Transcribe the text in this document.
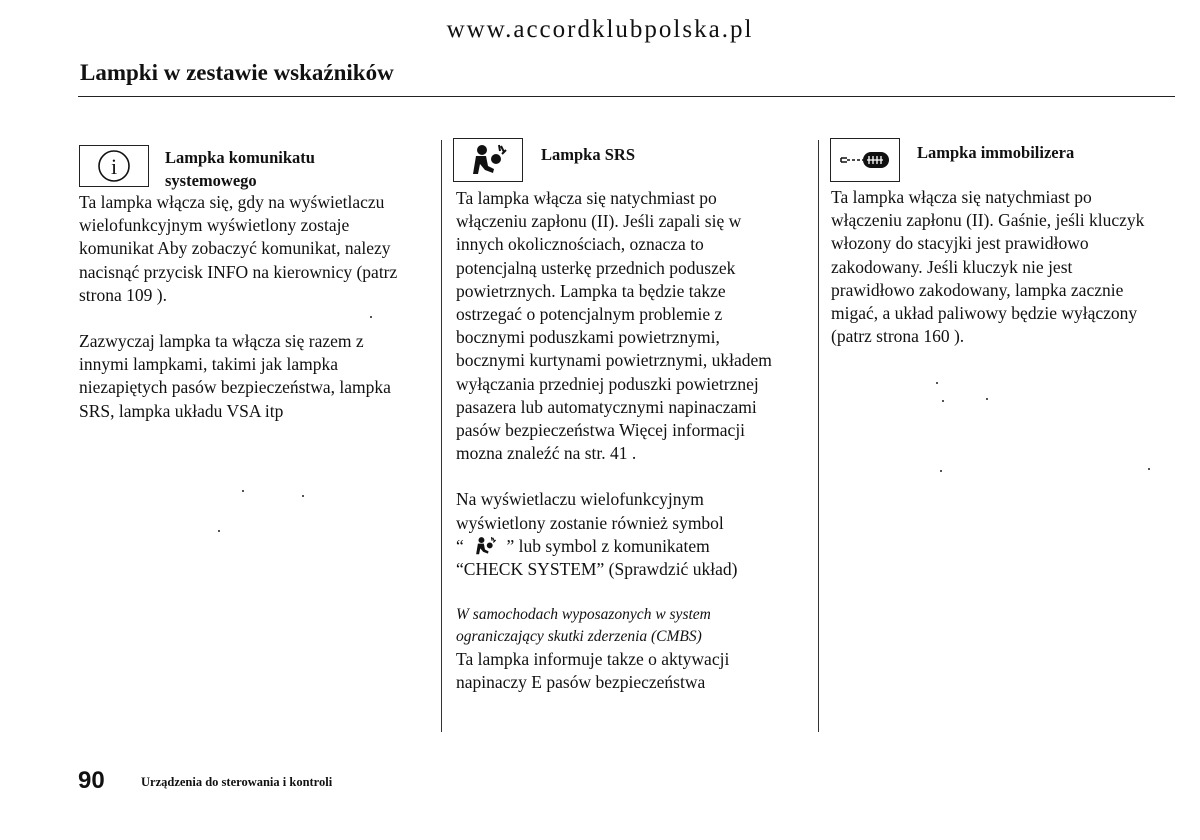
www.accordklubpolska.pl
Lampki w zestawie wskaźników
i	Lampka komunikatu
systemowego

Ta lampka włącza się, gdy na wyświetlaczu

wielofunkcyjnym wyświetlony zostaje

komunikat Aby zobaczyć komunikat, nalezy

nacisnąć przycisk INFO na kierownicy (patrz

strona 109 ).

Zazwyczaj lampka ta włącza się razem z

innymi lampkami, takimi jak lampka

niezapiętych pasów bezpieczeństwa, lampka

SRS, lampka układu VSA itp

Lampka SRS

Ta lampka włącza się natychmiast po

włączeniu zapłonu (II). Jeśli zapali się w

innych okolicznościach, oznacza to

potencjalną usterkę przednich poduszek

powietrznych. Lampka ta będzie takze

ostrzegać o potencjalnym problemie z

bocznymi poduszkami powietrznymi,

bocznymi kurtynami powietrznymi, układem

wyłączania przedniej poduszki powietrznej

pasazera lub automatycznymi napinaczami

pasów bezpieczeństwa Więcej informacji

mozna znaleźć na str. 41 .

Na wyświetlaczu wielofunkcyjnym

wyświetlony zostanie również symbol

“ ” lub symbol z komunikatem

“CHECK SYSTEM” (Sprawdzić układ)

W samochodach wyposazonych w system

ograniczający skutki zderzenia (CMBS)

Ta lampka informuje takze o aktywacji

napinaczy E pasów bezpieczeństwa

Lampka immobilizera

Ta lampka włącza się natychmiast po

włączeniu zapłonu (II). Gaśnie, jeśli kluczyk

włozony do stacyjki jest prawidłowo

zakodowany. Jeśli kluczyk nie jest

prawidłowo zakodowany, lampka zacznie

migać, a układ paliwowy będzie wyłączony

(patrz strona 160 ).

90	Urządzenia do sterowania i kontroli
